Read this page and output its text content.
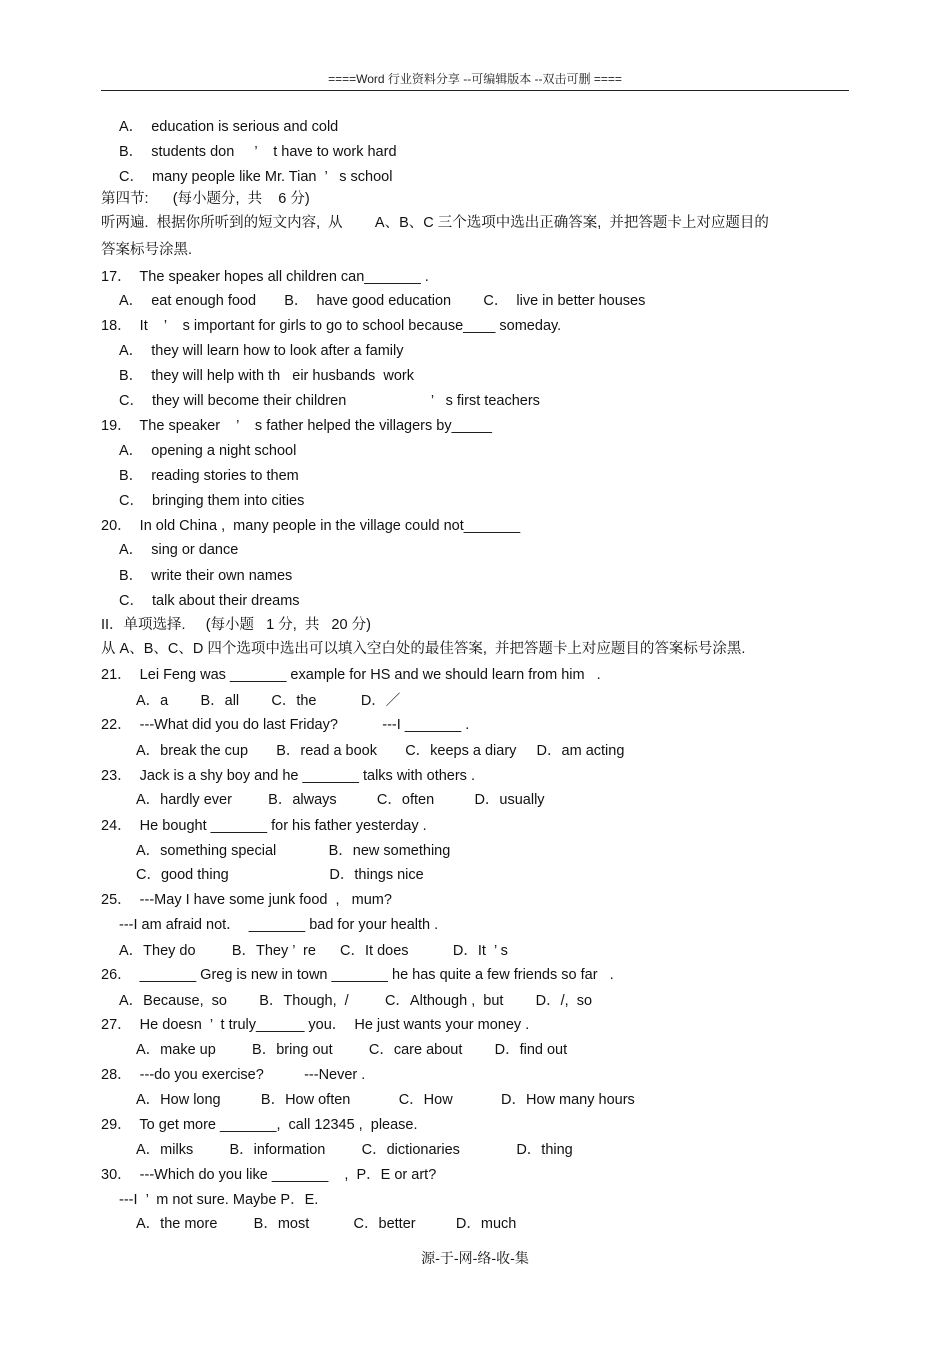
====Word 行业资料分享 --可编辑版本 --双击可删 ====
A．  education is serious and cold
B．  students don     ’    t have to work hard
C．  many people like Mr. Tian  ’   s school
第四节:      (每小题分,  共    6 分)
听两遍.  根据你所听到的短文内容,  从        A、B、C 三个选项中选出正确答案,  并把答题卡上对应题目的
答案标号涂黑.
17．  The speaker hopes all children can_______ .
A．  eat enough food       B．  have good education        C．  live in better houses
18．  It    ’    s important for girls to go to school because____ someday.
A．  they will learn how to look after a family
B．  they will help with th   eir husbands  work
C．  they will become their children                     ’   s first teachers
19．  The speaker    ’    s father helped the villagers by_____
A．  opening a night school
B．  reading stories to them
C．  bringing them into cities
20．  In old China ,  many people in the village could not_______
A．  sing or dance
B．  write their own names
C．  talk about their dreams
II．单项选择.     (每小题   1 分,  共   20 分)
从 A、B、C、D 四个选项中选出可以填入空白处的最佳答案,  并把答题卡上对应题目的答案标号涂黑.
21．  Lei Feng was _______ example for HS and we should learn from him   .
A．a        B．all        C．the           D．／
22．  ---What did you do last Friday?           ---I _______ .
A．break the cup       B．read a book       C．keeps a diary     D．am acting
23．  Jack is a shy boy and he _______ talks with others .
A．hardly ever         B．always          C．often          D．usually
24．  He bought _______ for his father yesterday .
A．something special             B．new something
C．good thing                         D．things nice
25．  ---May I have some junk food  ,   mum?
---I am afraid not．  _______ bad for your health .
A．They do         B．They ’  re      C．It does           D．It  ’ s
26．  _______ Greg is new in town _______ he has quite a few friends so far   .
A．Because,  so        B．Though,  /         C．Although ,  but        D．/,  so
27．  He doesn  ’  t truly______ you．  He just wants your money .
A．make up         B．bring out         C．care about        D．find out
28．  ---do you exercise?          ---Never .
A．How long          B．How often            C．How            D．How many hours
29．  To get more _______,  call 12345 ,  please.
A．milks         B．information         C．dictionaries              D．thing
30．  ---Which do you like _______    ,  P．E or art?
---I  ’  m not sure. Maybe P．E.
A．the more         B．most           C．better          D．much
源-于-网-络-收-集
